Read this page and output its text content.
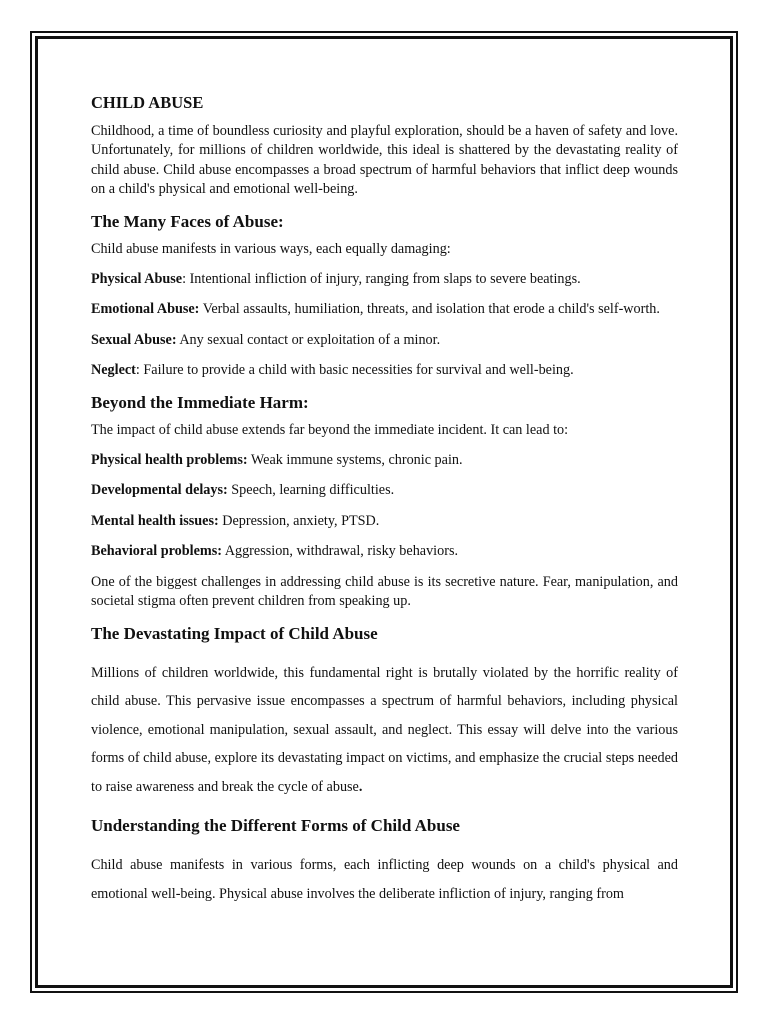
CHILD ABUSE

Childhood, a time of boundless curiosity and playful exploration, should be a haven of safety and love. Unfortunately, for millions of children worldwide, this ideal is shattered by the devastating reality of child abuse. Child abuse encompasses a broad spectrum of harmful behaviors that inflict deep wounds on a child's physical and emotional well-being.

The Many Faces of Abuse:

Child abuse manifests in various ways, each equally damaging:

Physical Abuse: Intentional infliction of injury, ranging from slaps to severe beatings.

Emotional Abuse: Verbal assaults, humiliation, threats, and isolation that erode a child's self-worth.

Sexual Abuse: Any sexual contact or exploitation of a minor.

Neglect: Failure to provide a child with basic necessities for survival and well-being.

Beyond the Immediate Harm:

The impact of child abuse extends far beyond the immediate incident. It can lead to:

Physical health problems: Weak immune systems, chronic pain.

Developmental delays: Speech, learning difficulties.

Mental health issues: Depression, anxiety, PTSD.

Behavioral problems: Aggression, withdrawal, risky behaviors.

One of the biggest challenges in addressing child abuse is its secretive nature. Fear, manipulation, and societal stigma often prevent children from speaking up.

The Devastating Impact of Child Abuse

Millions of children worldwide, this fundamental right is brutally violated by the horrific reality of child abuse. This pervasive issue encompasses a spectrum of harmful behaviors, including physical violence, emotional manipulation, sexual assault, and neglect. This essay will delve into the various forms of child abuse, explore its devastating impact on victims, and emphasize the crucial steps needed to raise awareness and break the cycle of abuse.

Understanding the Different Forms of Child Abuse

Child abuse manifests in various forms, each inflicting deep wounds on a child's physical and emotional well-being. Physical abuse involves the deliberate infliction of injury, ranging from
